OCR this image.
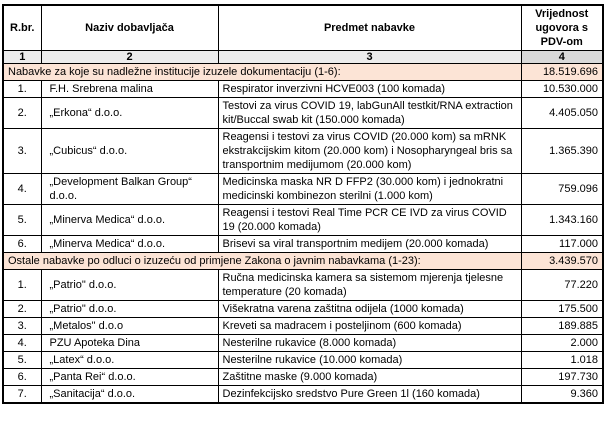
R.br.	Naziv dobavljača	Predmet nabavke	Vrijednost ugovora s PDV-om
1	2	3	4
Nabavke za koje su nadležne institucije izuzele dokumentaciju (1-6):			18.519.696
1.	F.H. Srebrena malina	Respirator inverzivni HCVE003 (100 komada)	10.530.000
2.	„Erkona“ d.o.o.	Testovi za virus COVID 19, labGunAll testkit/RNA extraction kit/Buccal swab kit (150.000 komada)	4.405.050
3.	„Cubicus“ d.o.o.	Reagensi i testovi za virus COVID (20.000 kom) sa mRNK ekstrakcijskim kitom (20.000 kom) i Nosopharyngeal bris sa transportnim medijumom (20.000 kom)	1.365.390
4.	„Development Balkan Group“ d.o.o.	Medicinska maska NR D FFP2 (30.000 kom) i jednokratni medicinski kombinezon sterilni (1.000 kom)	759.096
5.	„Minerva Medica“ d.o.o.	Reagensi i testovi Real Time PCR CE IVD za virus COVID 19 (20.000 komada)	1.343.160
6.	„Minerva Medica“ d.o.o.	Brisevi sa viral transportnim medijem (20.000 komada)	117.000
Ostale nabavke po odluci o izuzeću od primjene Zakona o javnim nabavkama (1-23):			3.439.570
1.	„Patrio" d.o.o.	Ručna medicinska kamera sa sistemom mjerenja tjelesne temperature (20 komada)	77.220
2.	„Patrio" d.o.o.	Višekratna varena zaštitna odijela (1000 komada)	175.500
3.	„Metalos" d.o.o	Kreveti sa madracem i posteljinom (600 komada)	189.885
4.	PZU Apoteka Dina	Nesterilne rukavice (8.000 komada)	2.000
5.	„Latex“ d.o.o.	Nesterilne rukavice (10.000 komada)	1.018
6.	„Panta Rei“ d.o.o.	Zaštitne maske (9.000 komada)	197.730
7.	„Sanitacija“ d.o.o.	Dezinfekcijsko sredstvo Pure Green 1l (160 komada)	9.360
